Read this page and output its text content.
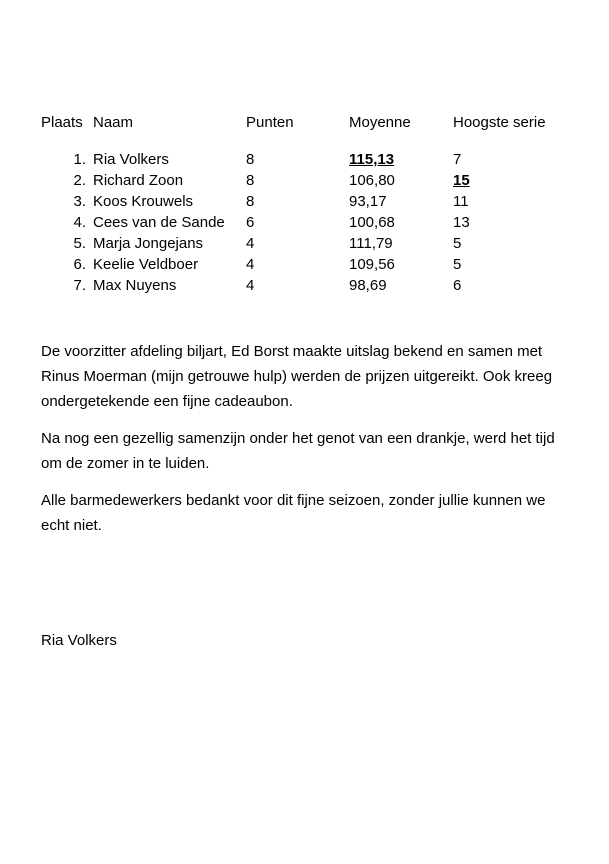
Plaats Naam	Punten	Moyenne	Hoogste serie
1. Ria Volkers	8	115,13	7
2. Richard Zoon	8	106,80	15
3. Koos Krouwels	8	93,17	11
4. Cees van de Sande 6	100,68	13
5. Marja Jongejans	4	111,79	5
6. Keelie Veldboer	4	109,56	5
7. Max Nuyens	4	98,69	6

De voorzitter afdeling biljart, Ed Borst maakte uitslag bekend en samen met Rinus Moerman (mijn getrouwe hulp) werden de prijzen uitgereikt. Ook kreeg ondergetekende een fijne cadeaubon.

Na nog een gezellig samenzijn onder het genot van een drankje, werd het tijd om de zomer in te luiden.

Alle barmedewerkers bedankt voor dit fijne seizoen, zonder jullie kunnen we echt niet.

Ria Volkers
